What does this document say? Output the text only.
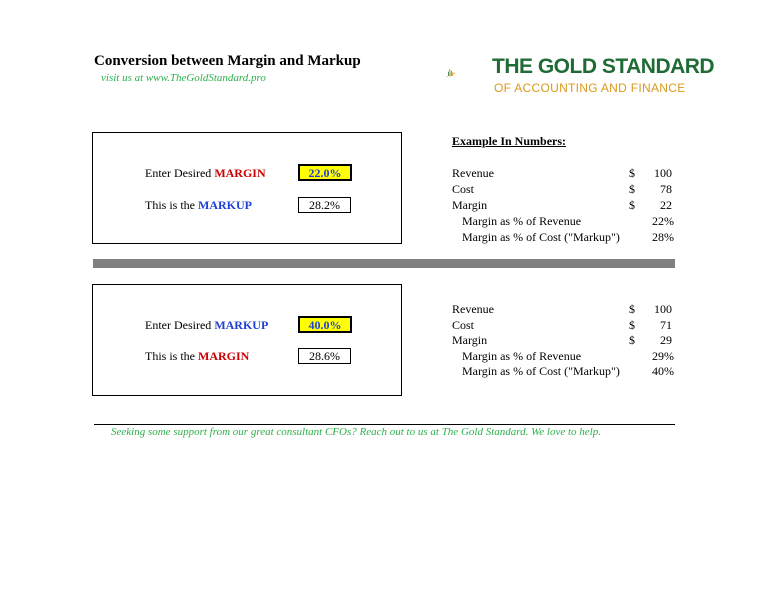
Conversion between Margin and Markup
visit us at www.TheGoldStandard.pro	THE GOLD STANDARD
OF ACCOUNTING AND FINANCE
Enter Desired MARGIN	22.0%
This is the MARKUP	28.2%
Example In Numbers:
Revenue	$	100
Cost	$	78
Margin	$	22
Margin as % of Revenue	22%
Margin as % of Cost ("Markup")	28%
Enter Desired MARKUP	40.0%
This is the MARGIN	28.6%
Revenue	$	100
Cost	$	71
Margin	$	29
Margin as % of Revenue	29%
Margin as % of Cost ("Markup")	40%
Seeking some support from our great consultant CFOs? Reach out to us at The Gold Standard. We love to help.
